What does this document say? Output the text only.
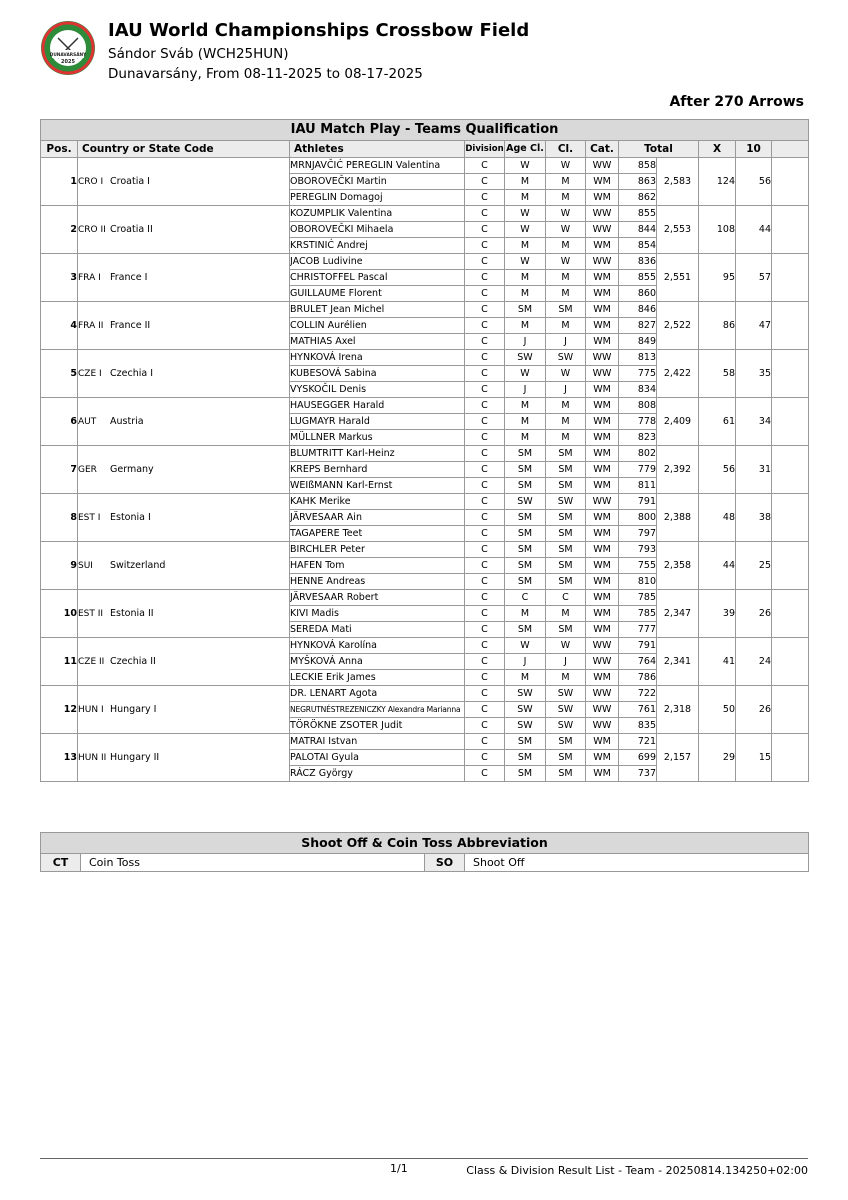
DUNAVARSÁNY
2025
IAU World Championships Crossbow Field
Sándor Sváb (WCH25HUN)
Dunavarsány, From 08-11-2025 to 08-17-2025
After 270 Arrows
IAU Match Play - Teams Qualification											
Pos.	Country or State Code	Athletes	Division	Age Cl.	Cl.	Cat.	Total		X	10	
1	CRO I Croatia I	MRNJAVČIĆ PEREGLIN Valentina	C	W	W	WW	858	2,583	124	56	
		OBOROVEČKI Martin	C	M	M	WM	863				
		PEREGLIN Domagoj	C	M	M	WM	862				
2	CRO II Croatia II	KOZUMPLIK Valentina	C	W	W	WW	855	2,553	108	44	
		OBOROVEČKI Mihaela	C	W	W	WW	844				
		KRSTINIĆ Andrej	C	M	M	WM	854				
3	FRA I France I	JACOB Ludivine	C	W	W	WW	836	2,551	95	57	
		CHRISTOFFEL Pascal	C	M	M	WM	855				
		GUILLAUME Florent	C	M	M	WM	860				
4	FRA II France II	BRULET Jean Michel	C	SM	SM	WM	846	2,522	86	47	
		COLLIN Aurélien	C	M	M	WM	827				
		MATHIAS Axel	C	J	J	WM	849				
5	CZE I Czechia I	HYNKOVÁ Irena	C	SW	SW	WW	813	2,422	58	35	
		KUBESOVÁ Sabina	C	W	W	WW	775				
		VYSKOČIL Denis	C	J	J	WM	834				
6	AUT Austria	HAUSEGGER Harald	C	M	M	WM	808	2,409	61	34	
		LUGMAYR Harald	C	M	M	WM	778				
		MÜLLNER Markus	C	M	M	WM	823				
7	GER Germany	BLUMTRITT Karl-Heinz	C	SM	SM	WM	802	2,392	56	31	
		KREPS Bernhard	C	SM	SM	WM	779				
		WEIßMANN Karl-Ernst	C	SM	SM	WM	811				
8	EST I Estonia I	KAHK Merike	C	SW	SW	WW	791	2,388	48	38	
		JÄRVESAAR Ain	C	SM	SM	WM	800				
		TAGAPERE Teet	C	SM	SM	WM	797				
9	SUI Switzerland	BIRCHLER Peter	C	SM	SM	WM	793	2,358	44	25	
		HAFEN Tom	C	SM	SM	WM	755				
		HENNE Andreas	C	SM	SM	WM	810				
10	EST II Estonia II	JÄRVESAAR Robert	C	C	C	WM	785	2,347	39	26	
		KIVI Madis	C	M	M	WM	785				
		SEREDA Mati	C	SM	SM	WM	777				
11	CZE II Czechia II	HYNKOVÁ Karolína	C	W	W	WW	791	2,341	41	24	
		MYŠKOVÁ Anna	C	J	J	WW	764				
		LECKIE Erik James	C	M	M	WM	786				
12	HUN I Hungary I	DR. LENART Agota	C	SW	SW	WW	722	2,318	50	26	
		NEGRUTNÉSTREZENICZKY Alexandra Marianna	C	SW	SW	WW	761				
		TÖRÖKNE ZSOTER Judit	C	SW	SW	WW	835				
13	HUN II Hungary II	MATRAI Istvan	C	SM	SM	WM	721	2,157	29	15	
		PALOTAI Gyula	C	SM	SM	WM	699				
		RÁCZ György	C	SM	SM	WM	737				
Shoot Off & Coin Toss Abbreviation
CT	Coin Toss	SO	Shoot Off
1/1	Class & Division Result List - Team - 20250814.134250+02:00
